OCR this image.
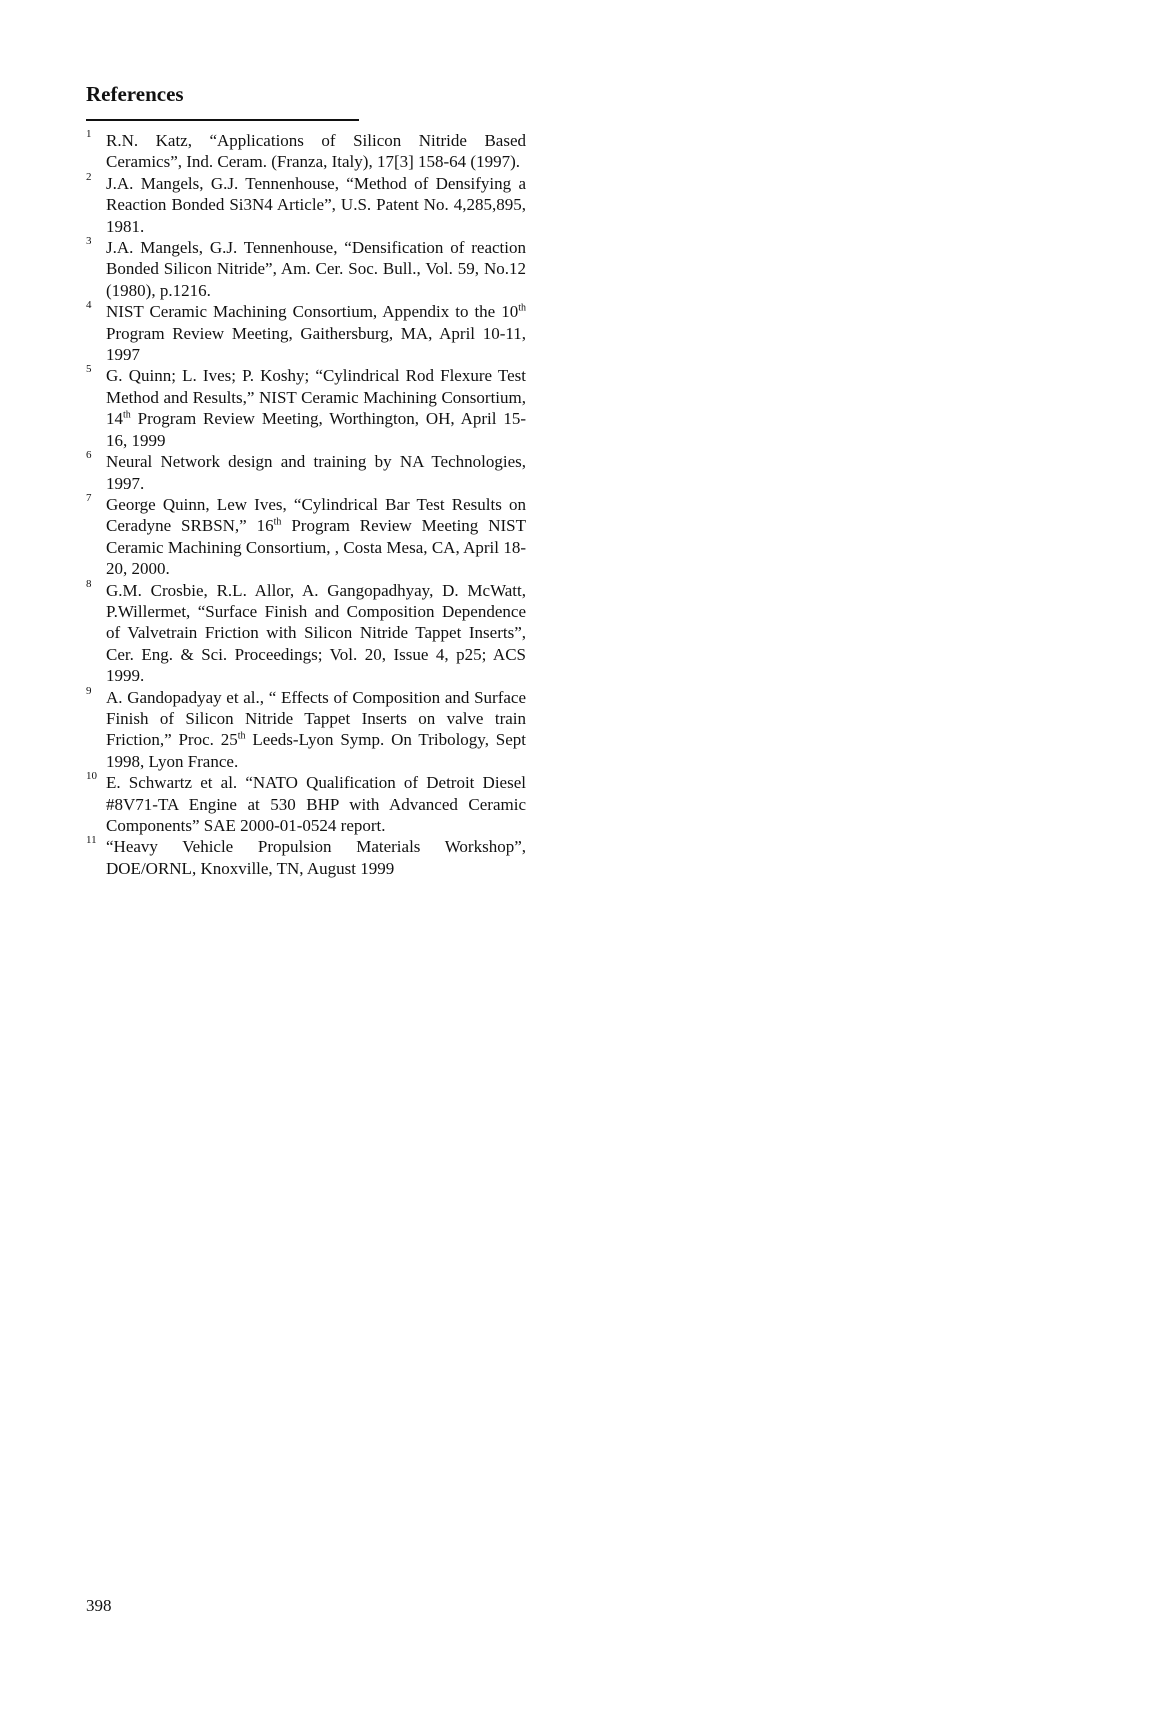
References
1 R.N. Katz, “Applications of Silicon Nitride Based Ceramics”, Ind. Ceram. (Franza, Italy), 17[3] 158-64 (1997).
2 J.A. Mangels, G.J. Tennenhouse, “Method of Densifying a Reaction Bonded Si3N4 Article”, U.S. Patent No. 4,285,895, 1981.
3 J.A. Mangels, G.J. Tennenhouse, “Densification of reaction Bonded Silicon Nitride”, Am. Cer. Soc. Bull., Vol. 59, No.12 (1980), p.1216.
4 NIST Ceramic Machining Consortium, Appendix to the 10th Program Review Meeting, Gaithersburg, MA, April 10-11, 1997
5 G. Quinn; L. Ives; P. Koshy; “Cylindrical Rod Flexure Test Method and Results,” NIST Ceramic Machining Consortium, 14th Program Review Meeting, Worthington, OH, April 15-16, 1999
6 Neural Network design and training by NA Technologies, 1997.
7 George Quinn, Lew Ives, “Cylindrical Bar Test Results on Ceradyne SRBSN,” 16th Program Review Meeting NIST Ceramic Machining Consortium, , Costa Mesa, CA, April 18-20, 2000.
8 G.M. Crosbie, R.L. Allor, A. Gangopadhyay, D. McWatt, P.Willermet, “Surface Finish and Composition Dependence of Valvetrain Friction with Silicon Nitride Tappet Inserts”, Cer. Eng. & Sci. Proceedings; Vol. 20, Issue 4, p25; ACS 1999.
9 A. Gandopadyay et al., “ Effects of Composition and Surface Finish of Silicon Nitride Tappet Inserts on valve train Friction,” Proc. 25th Leeds-Lyon Symp. On Tribology, Sept 1998, Lyon France.
10 E. Schwartz et al. “NATO Qualification of Detroit Diesel #8V71-TA Engine at 530 BHP with Advanced Ceramic Components” SAE 2000-01-0524 report.
11 “Heavy Vehicle Propulsion Materials Workshop”, DOE/ORNL, Knoxville, TN, August 1999
398
